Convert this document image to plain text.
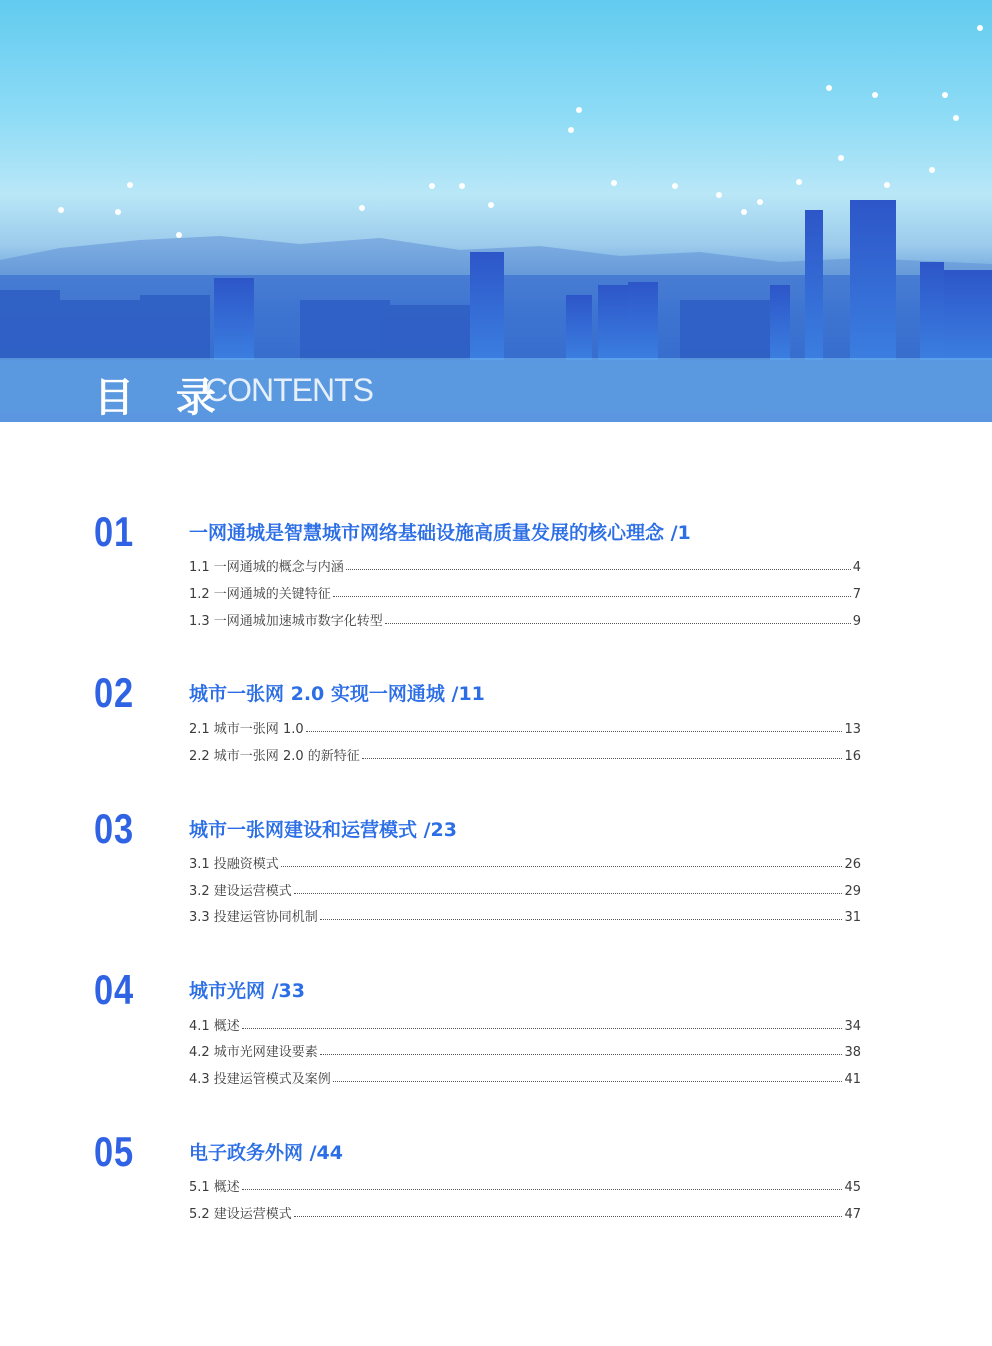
目 录
CONTENTS
01	一网通城是智慧城市网络基础设施高质量发展的核心理念 /1
1.1 一网通城的概念与内涵	4
1.2 一网通城的关键特征	7
1.3 一网通城加速城市数字化转型	9
02	城市一张网 2.0 实现一网通城 /11
2.1 城市一张网 1.0	13
2.2 城市一张网 2.0 的新特征	16
03	城市一张网建设和运营模式 /23
3.1 投融资模式	26
3.2 建设运营模式	29
3.3 投建运管协同机制	31
04	城市光网 /33
4.1 概述	34
4.2 城市光网建设要素	38
4.3 投建运管模式及案例	41
05	电子政务外网 /44
5.1 概述	45
5.2 建设运营模式	47
